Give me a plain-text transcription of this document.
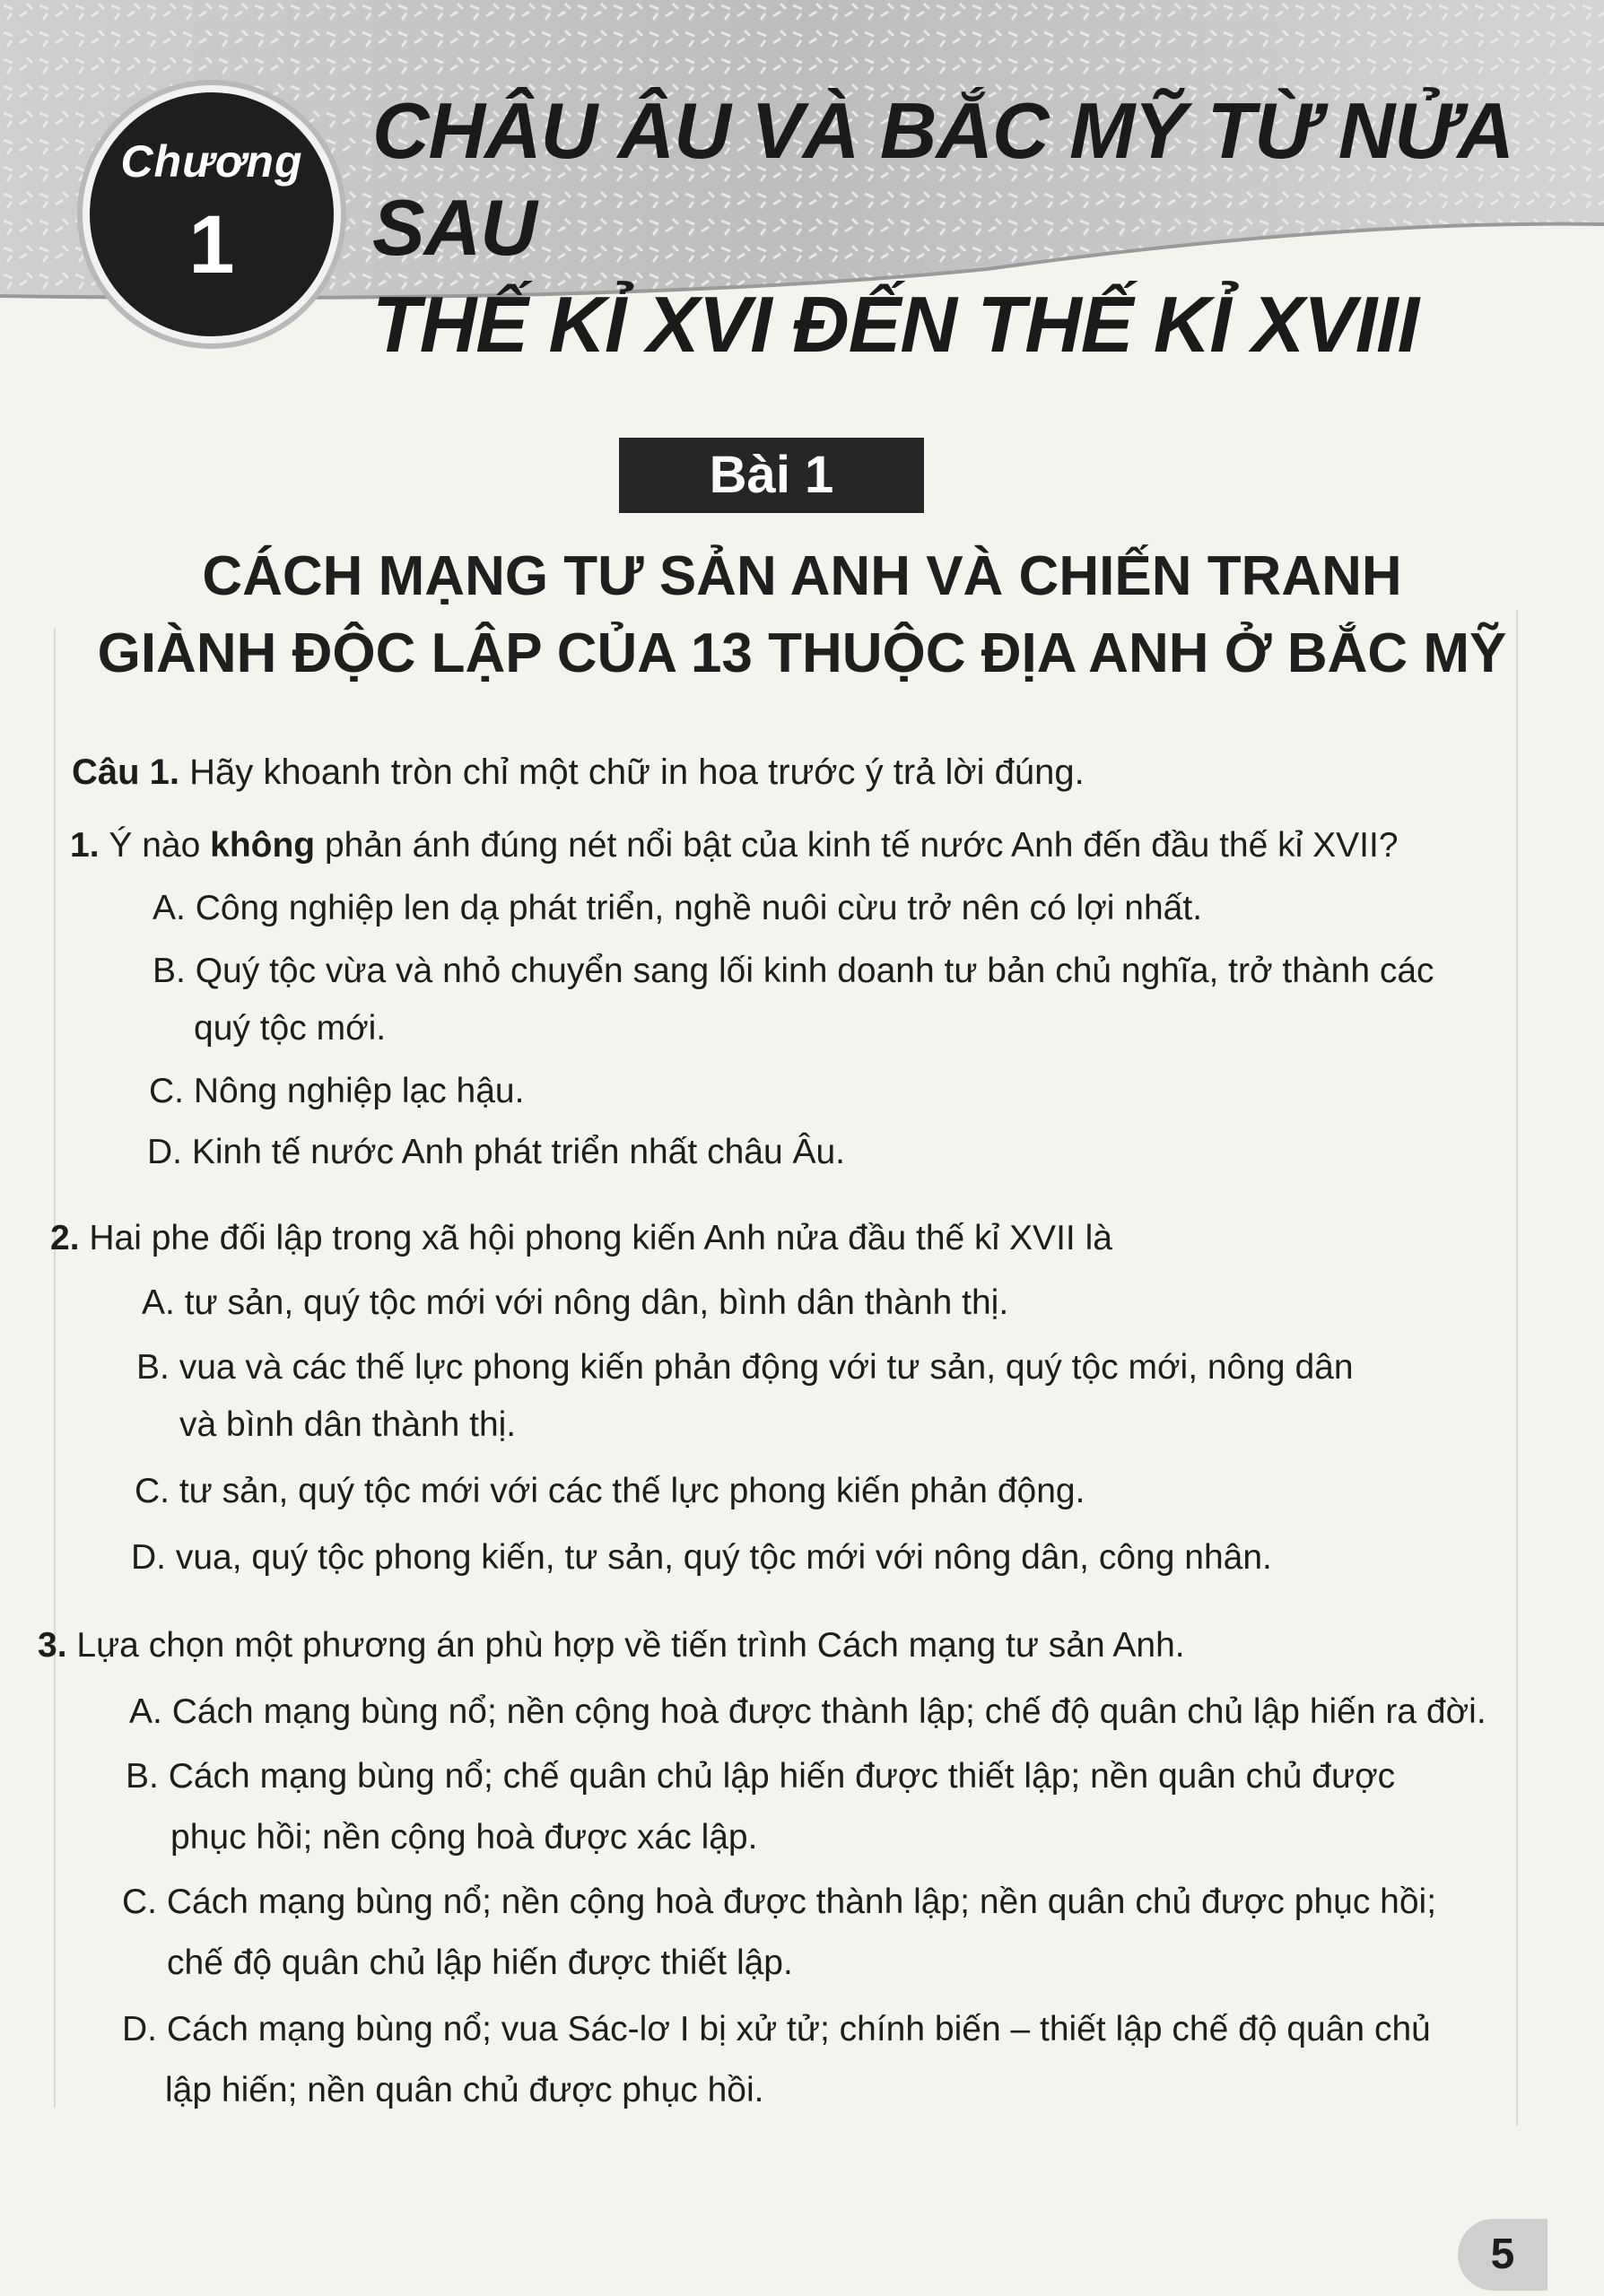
Chương
1
CHÂU ÂU VÀ BẮC MỸ TỪ NỬA SAU
THẾ KỈ XVI ĐẾN THẾ KỈ XVIII
Bài 1
CÁCH MẠNG TƯ SẢN ANH VÀ CHIẾN TRANH
GIÀNH ĐỘC LẬP CỦA 13 THUỘC ĐỊA ANH Ở BẮC MỸ
Câu 1. Hãy khoanh tròn chỉ một chữ in hoa trước ý trả lời đúng.
1. Ý nào không phản ánh đúng nét nổi bật của kinh tế nước Anh đến đầu thế kỉ XVII?
A. Công nghiệp len dạ phát triển, nghề nuôi cừu trở nên có lợi nhất.
B. Quý tộc vừa và nhỏ chuyển sang lối kinh doanh tư bản chủ nghĩa, trở thành các
quý tộc mới.
C. Nông nghiệp lạc hậu.
D. Kinh tế nước Anh phát triển nhất châu Âu.
2. Hai phe đối lập trong xã hội phong kiến Anh nửa đầu thế kỉ XVII là
A. tư sản, quý tộc mới với nông dân, bình dân thành thị.
B. vua và các thế lực phong kiến phản động với tư sản, quý tộc mới, nông dân
và bình dân thành thị.
C. tư sản, quý tộc mới với các thế lực phong kiến phản động.
D. vua, quý tộc phong kiến, tư sản, quý tộc mới với nông dân, công nhân.
3. Lựa chọn một phương án phù hợp về tiến trình Cách mạng tư sản Anh.
A. Cách mạng bùng nổ; nền cộng hoà được thành lập; chế độ quân chủ lập hiến ra đời.
B. Cách mạng bùng nổ; chế quân chủ lập hiến được thiết lập; nền quân chủ được
phục hồi; nền cộng hoà được xác lập.
C. Cách mạng bùng nổ; nền cộng hoà được thành lập; nền quân chủ được phục hồi;
chế độ quân chủ lập hiến được thiết lập.
D. Cách mạng bùng nổ; vua Sác-lơ I bị xử tử; chính biến – thiết lập chế độ quân chủ
lập hiến; nền quân chủ được phục hồi.
5
